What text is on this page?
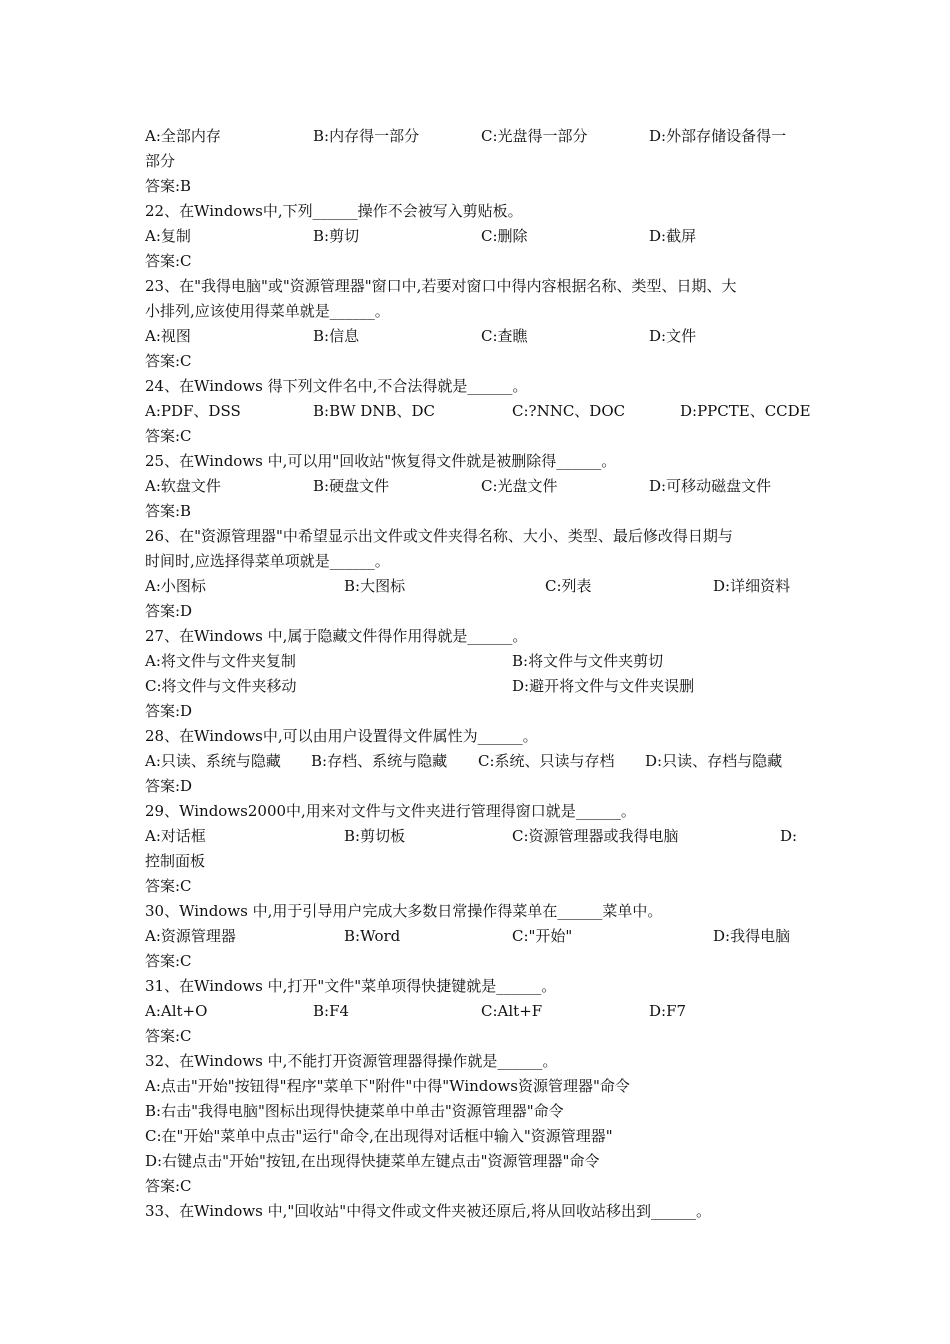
A:全部内存	B:内存得一部分	C:光盘得一部分	D:外部存储设备得一
部分
答案:B
22、在Windows中,下列______操作不会被写入剪贴板。
A:复制	B:剪切	C:删除	D:截屏
答案:C
23、在"我得电脑"或"资源管理器"窗口中,若要对窗口中得内容根据名称、类型、日期、大
小排列,应该使用得菜单就是______。
A:视图	B:信息	C:查瞧	D:文件
答案:C
24、在Windows 得下列文件名中,不合法得就是______。
A:PDF、DSS	B:BW DNB、DC	C:?NNC、DOC	D:PPCTE、CCDE
答案:C
25、在Windows 中,可以用"回收站"恢复得文件就是被删除得______。
A:软盘文件	B:硬盘文件	C:光盘文件	D:可移动磁盘文件
答案:B
26、在"资源管理器"中希望显示出文件或文件夹得名称、大小、类型、最后修改得日期与
时间时,应选择得菜单项就是______。
A:小图标	B:大图标	C:列表	D:详细资料
答案:D
27、在Windows 中,属于隐藏文件得作用得就是______。
A:将文件与文件夹复制	B:将文件与文件夹剪切
C:将文件与文件夹移动	D:避开将文件与文件夹误删
答案:D
28、在Windows中,可以由用户设置得文件属性为______。
A:只读、系统与隐藏 B:存档、系统与隐藏 C:系统、只读与存档 D:只读、存档与隐藏
答案:D
29、Windows2000中,用来对文件与文件夹进行管理得窗口就是______。
A:对话框	B:剪切板	C:资源管理器或我得电脑	D:
控制面板
答案:C
30、Windows 中,用于引导用户完成大多数日常操作得菜单在______菜单中。
A:资源管理器	B:Word	C:"开始"	D:我得电脑
答案:C
31、在Windows 中,打开"文件"菜单项得快捷键就是______。
A:Alt+O	B:F4	C:Alt+F	D:F7
答案:C
32、在Windows 中,不能打开资源管理器得操作就是______。
A:点击"开始"按钮得"程序"菜单下"附件"中得"Windows资源管理器"命令
B:右击"我得电脑"图标出现得快捷菜单中单击"资源管理器"命令
C:在"开始"菜单中点击"运行"命令,在出现得对话框中输入"资源管理器"
D:右键点击"开始"按钮,在出现得快捷菜单左键点击"资源管理器"命令
答案:C
33、在Windows 中,"回收站"中得文件或文件夹被还原后,将从回收站移出到______。
